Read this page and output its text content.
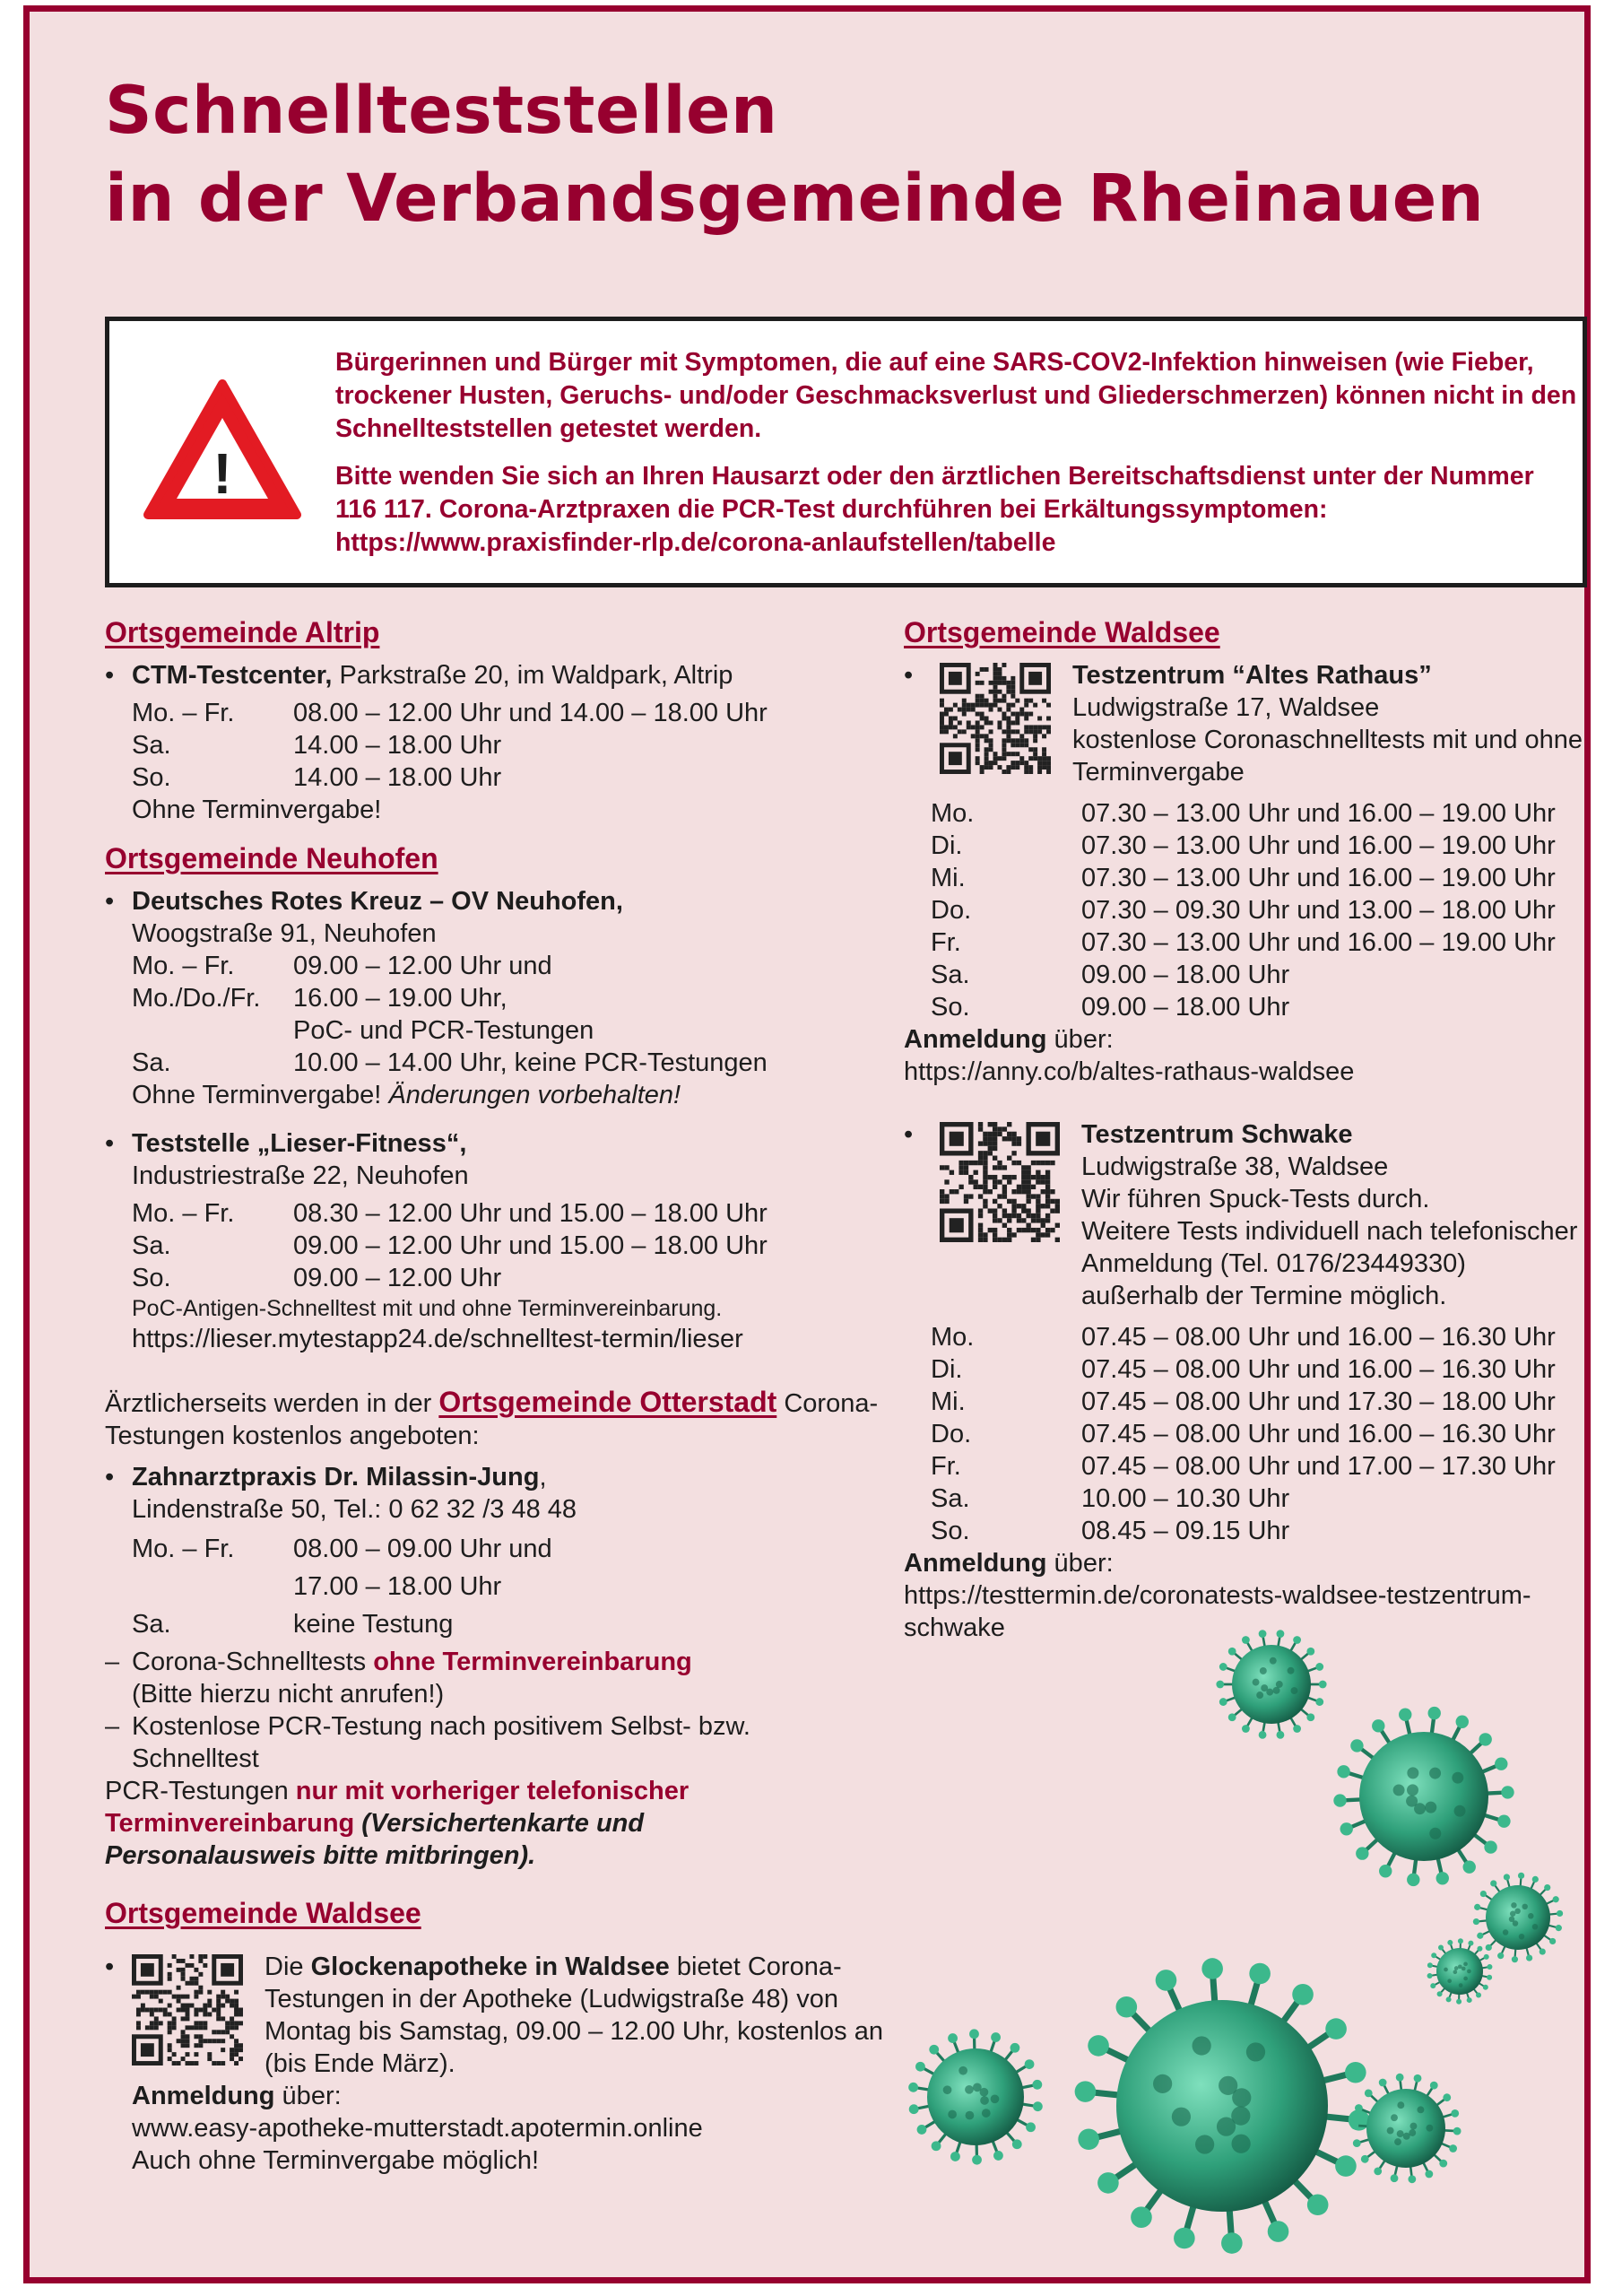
Schnellteststellen
in der Verbandsgemeinde Rheinauen
!

Bürgerinnen und Bürger mit Symptomen, die auf eine SARS-COV2-Infektion hinweisen (wie Fieber, trockener Husten, Geruchs- und/oder Geschmacksverlust und Gliederschmerzen) können nicht in den Schnellteststellen getestet werden.

Bitte wenden Sie sich an Ihren Hausarzt oder den ärztlichen Bereitschaftsdienst unter der Nummer 116 117. Corona-Arztpraxen die PCR-Test durchführen bei Erkältungssymptomen: https://www.praxisfinder-rlp.de/corona-anlaufstellen/tabelle

Ortsgemeinde Altrip
• CTM-Testcenter, Parkstraße 20, im Waldpark, Altrip
Mo. – Fr.	08.00 – 12.00 Uhr und 14.00 – 18.00 Uhr
Sa.	14.00 – 18.00 Uhr
So.	14.00 – 18.00 Uhr
Ohne Terminvergabe!
Ortsgemeinde Neuhofen
• Deutsches Rotes Kreuz – OV Neuhofen,
Woogstraße 91, Neuhofen
Mo. – Fr.	09.00 – 12.00 Uhr und
Mo./Do./Fr.	16.00 – 19.00 Uhr,
PoC- und PCR-Testungen
Sa.	10.00 – 14.00 Uhr, keine PCR-Testungen
Ohne Terminvergabe! Änderungen vorbehalten!
• Teststelle „Lieser-Fitness“,
Industriestraße 22, Neuhofen
Mo. – Fr.	08.30 – 12.00 Uhr und 15.00 – 18.00 Uhr
Sa.	09.00 – 12.00 Uhr und 15.00 – 18.00 Uhr
So.	09.00 – 12.00 Uhr
PoC-Antigen-Schnelltest mit und ohne Terminvereinbarung.
https://lieser.mytestapp24.de/schnelltest-termin/lieser
Ärztlicherseits werden in der Ortsgemeinde Otterstadt Corona-Testungen kostenlos angeboten:
• Zahnarztpraxis Dr. Milassin-Jung,
Lindenstraße 50, Tel.: 0 62 32 /3 48 48
Mo. – Fr.	08.00 – 09.00 Uhr und
17.00 – 18.00 Uhr
Sa.	keine Testung
– Corona-Schnelltests ohne Terminvereinbarung
(Bitte hierzu nicht anrufen!)
– Kostenlose PCR-Testung nach positivem Selbst- bzw.
Schnelltest
PCR-Testungen nur mit vorheriger telefonischer Terminvereinbarung (Versichertenkarte und Personalausweis bitte mitbringen).
Ortsgemeinde Waldsee
•	Die Glockenapotheke in Waldsee bietet Corona-Testungen in der Apotheke (Ludwigstraße 48) von Montag bis Samstag, 09.00 – 12.00 Uhr, kostenlos an (bis Ende März).
Anmeldung über:
www.easy-apotheke-mutterstadt.apotermin.online
Auch ohne Terminvergabe möglich!
Ortsgemeinde Waldsee
•	Testzentrum “Altes Rathaus”
Ludwigstraße 17, Waldsee
kostenlose Coronaschnelltests mit und ohne Terminvergabe
Mo.	07.30 – 13.00 Uhr und 16.00 – 19.00 Uhr
Di.	07.30 – 13.00 Uhr und 16.00 – 19.00 Uhr
Mi.	07.30 – 13.00 Uhr und 16.00 – 19.00 Uhr
Do.	07.30 – 09.30 Uhr und 13.00 – 18.00 Uhr
Fr.	07.30 – 13.00 Uhr und 16.00 – 19.00 Uhr
Sa.	09.00 – 18.00 Uhr
So.	09.00 – 18.00 Uhr
Anmeldung über:
https://anny.co/b/altes-rathaus-waldsee
•	Testzentrum Schwake
Ludwigstraße 38, Waldsee
Wir führen Spuck-Tests durch.
Weitere Tests individuell nach telefonischer Anmeldung (Tel. 0176/23449330) außerhalb der Termine möglich.
Mo.	07.45 – 08.00 Uhr und 16.00 – 16.30 Uhr
Di.	07.45 – 08.00 Uhr und 16.00 – 16.30 Uhr
Mi.	07.45 – 08.00 Uhr und 17.30 – 18.00 Uhr
Do.	07.45 – 08.00 Uhr und 16.00 – 16.30 Uhr
Fr.	07.45 – 08.00 Uhr und 17.00 – 17.30 Uhr
Sa.	10.00 – 10.30 Uhr
So.	08.45 – 09.15 Uhr
Anmeldung über:
https://testtermin.de/coronatests-waldsee-testzentrum-schwake
